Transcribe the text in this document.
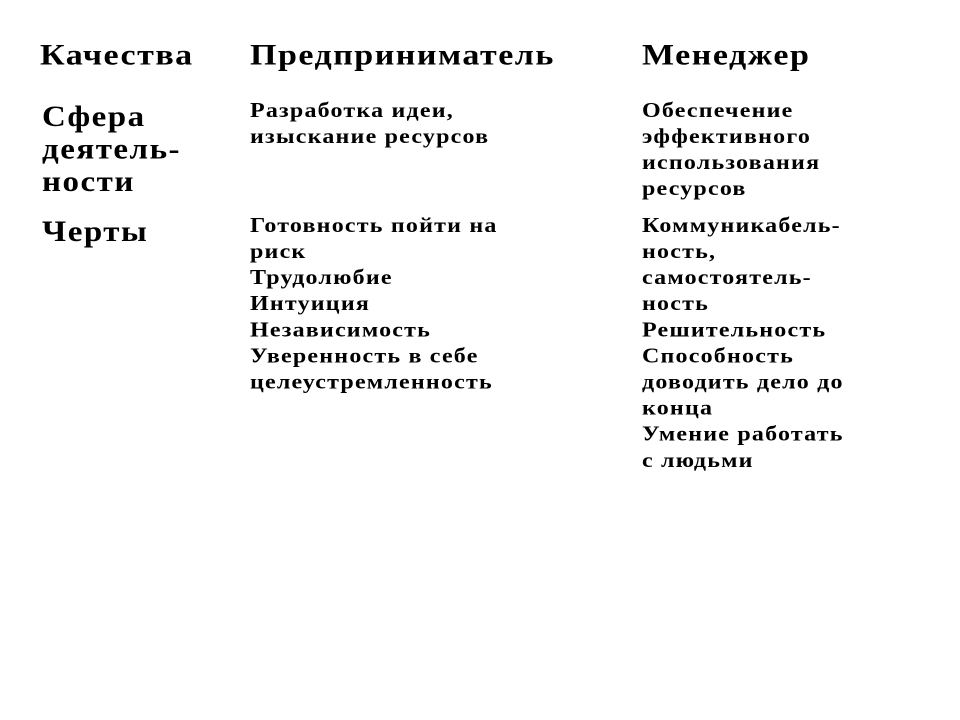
Качества Предприниматель	Менеджер
Сфера
деятель-
ности
Разработка идеи,
изыскание ресурсов
Обеспечение
эффективного
использования
ресурсов
Черты	Готовность пойти на
риск
Трудолюбие
Интуиция
Независимость
Уверенность в себе
целеустремленность
Коммуникабель-
ность,
самостоятель-
ность
Решительность
Способность
доводить дело до
конца
Умение работать
с людьми
